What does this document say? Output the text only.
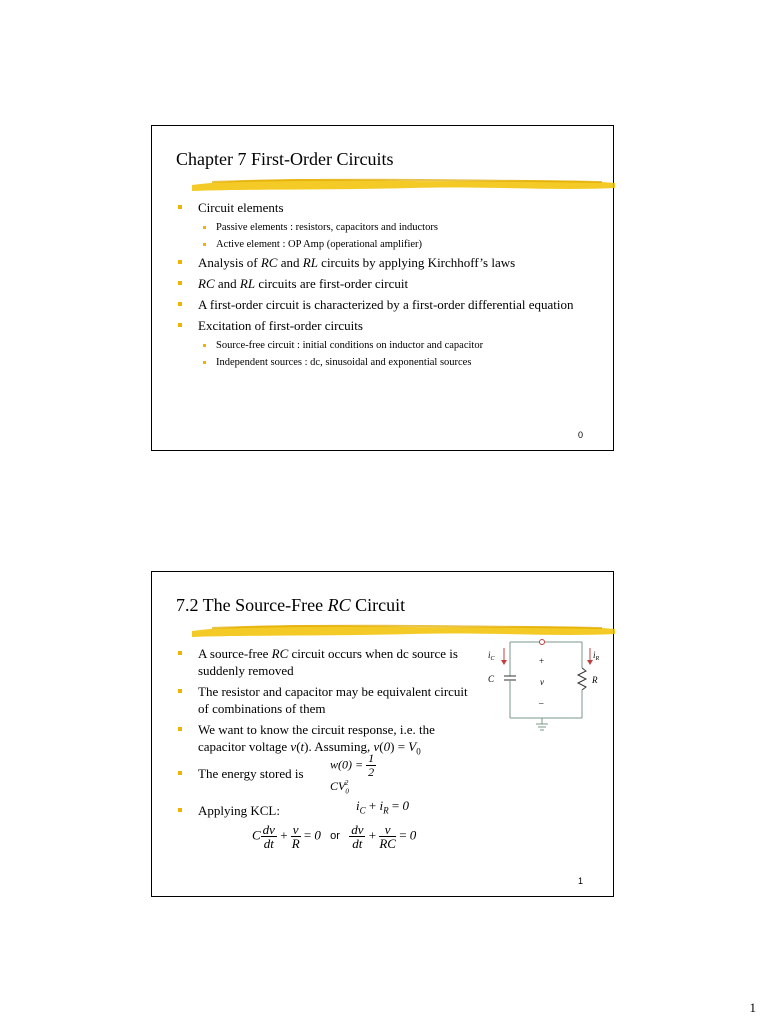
Chapter 7 First-Order Circuits
Circuit elements
Passive elements : resistors, capacitors and inductors
Active element : OP Amp (operational amplifier)
Analysis of RC and RL circuits by applying Kirchhoff’s laws
RC and RL circuits are first-order circuit
A first-order circuit is characterized by a first-order differential equation
Excitation of first-order circuits
Source-free circuit : initial conditions on inductor and capacitor
Independent sources : dc, sinusoidal and exponential sources
0
7.2 The Source-Free RC Circuit
A source-free RC circuit occurs when dc source is suddenly removed
The resistor and capacitor may be equivalent circuit of combinations of them
We want to know the circuit response, i.e. the capacitor voltage v(t). Assuming, $v(0) = V_0$
The energy stored is
Applying KCL:
$i_C$	$i_R$
C	R
+
v
–
$w(0) = \frac{1}{2}$
$CV_0^2$
$i_C + i_R = 0$
C $\frac{dv}{dt} + \frac{v}{R} = 0$ or $\frac{dv}{dt} + \frac{v}{RC} = 0$
1
1
